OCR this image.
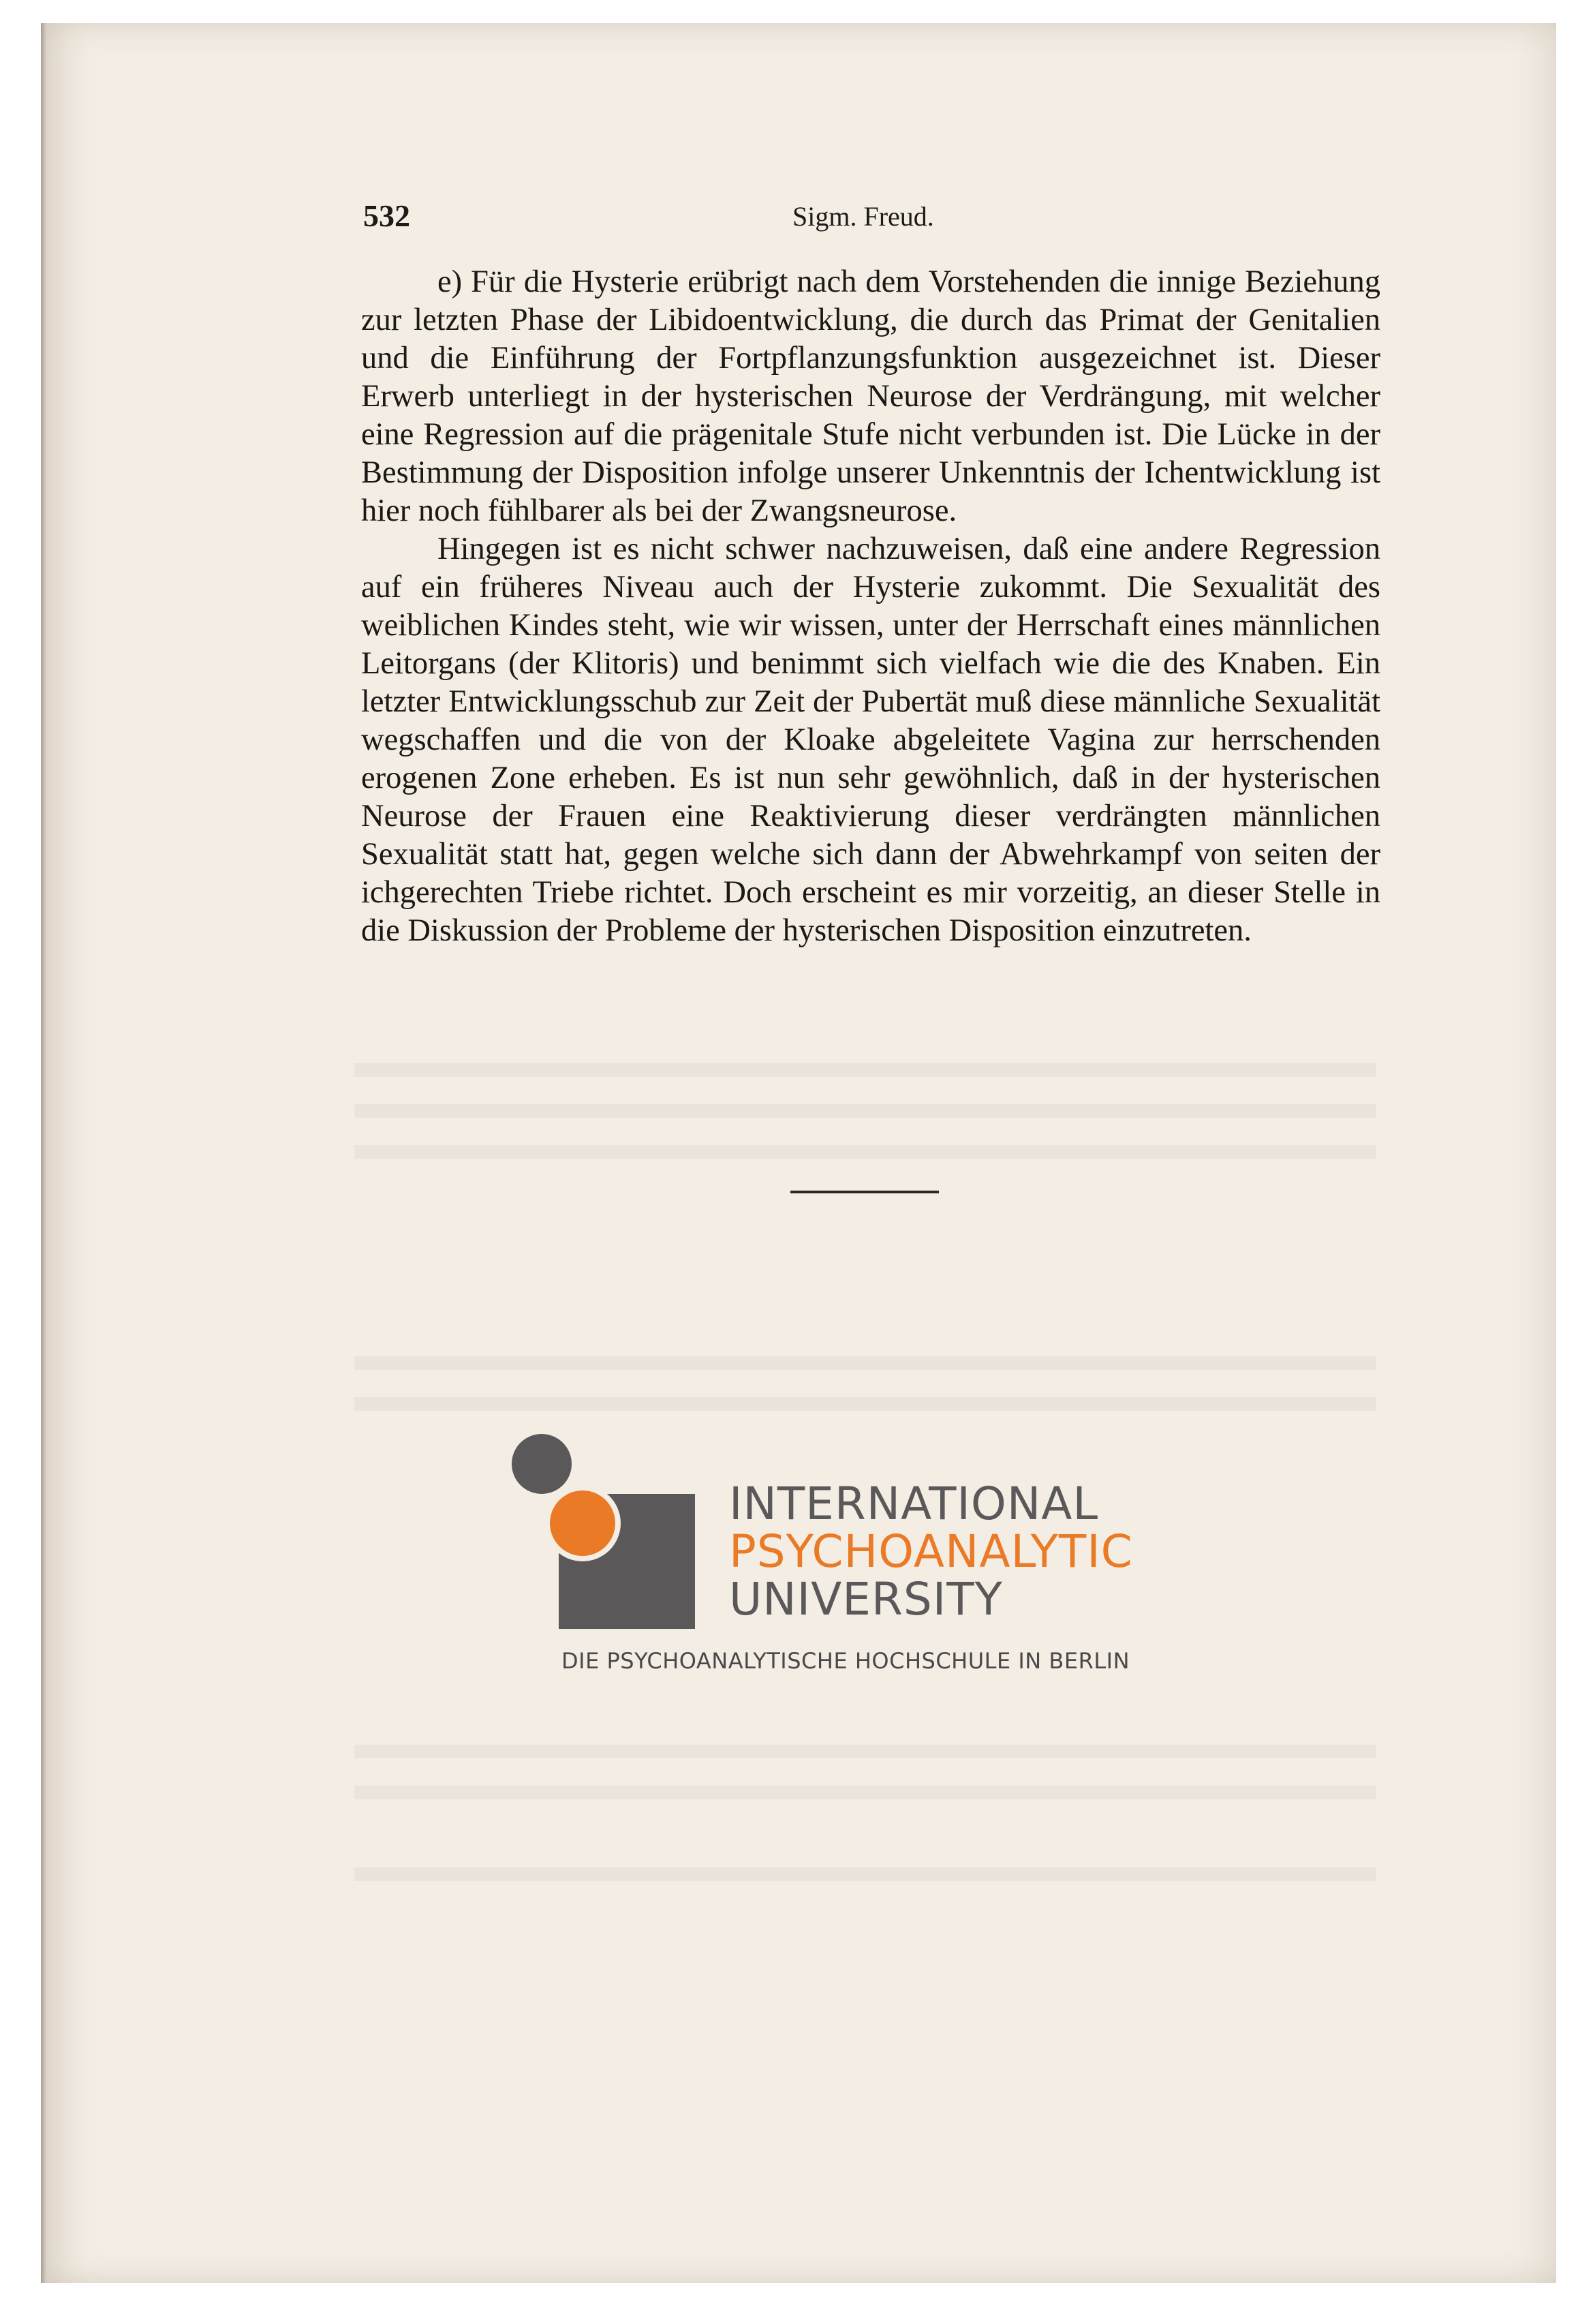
532	Sigm. Freud.

e) Für die Hysterie erübrigt nach dem Vorstehenden die innige Beziehung zur letzten Phase der Libidoentwicklung, die durch das Primat der Genitalien und die Einführung der Fortpflanzungsfunktion ausgezeichnet ist. Dieser Erwerb unterliegt in der hysterischen Neurose der Verdrängung, mit welcher eine Regression auf die prägenitale Stufe nicht verbunden ist. Die Lücke in der Bestimmung der Disposition infolge unserer Unkenntnis der Ichentwicklung ist hier noch fühlbarer als bei der Zwangsneurose.

Hingegen ist es nicht schwer nachzuweisen, daß eine andere Regression auf ein früheres Niveau auch der Hysterie zukommt. Die Sexualität des weiblichen Kindes steht, wie wir wissen, unter der Herrschaft eines männlichen Leitorgans (der Klitoris) und benimmt sich vielfach wie die des Knaben. Ein letzter Entwicklungsschub zur Zeit der Pubertät muß diese männliche Sexualität wegschaffen und die von der Kloake abgeleitete Vagina zur herrschenden erogenen Zone erheben. Es ist nun sehr gewöhnlich, daß in der hysterischen Neurose der Frauen eine Reaktivierung dieser verdrängten männlichen Sexualität statt hat, gegen welche sich dann der Abwehrkampf von seiten der ichgerechten Triebe richtet. Doch erscheint es mir vorzeitig, an dieser Stelle in die Diskussion der Probleme der hysterischen Disposition einzutreten.

INTERNATIONAL
PSYCHOANALYTIC
UNIVERSITY
DIE PSYCHOANALYTISCHE HOCHSCHULE IN BERLIN
